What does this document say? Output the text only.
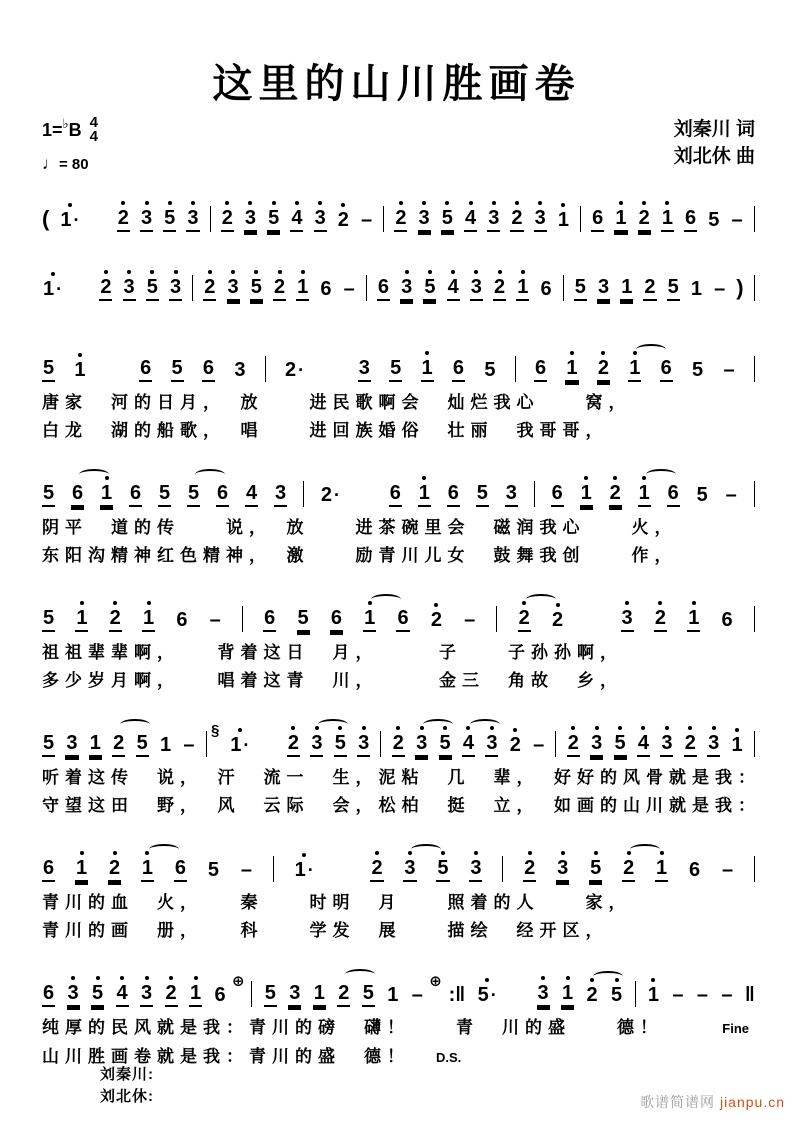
这里的山川胜画卷
1= ♭ B 4
4
♩= 80
刘秦川 词
刘北休 曲
( 1 · 2 3 5 3 2 3 5 4 3 2 – 2 3 5 4 3 2 3 1 6 1 2 1 6 5 –
1 · 2 3 5 3 2 3 5 2 1 6 – 6 3 5 4 3 2 1 6 5 3 1 2 5 1 – )
5 1	6 5 6 3 2 ·	3 5 1 6 5 6 1 2 1 6 5 –
唐家　河的日月，　放　　进民歌啊会　灿烂我心　　窝，
白龙　湖的船歌，　唱　　进回族婚俗　壮丽　我哥哥，
5 6 1 6 5 5 6 4 3 2 · 6 1 6 5 3 6 1 2 1 6 5 –
阴平　道的传　　说，　放　　进茶碗里会　磁润我心　　火，
东阳沟精神红色精神，　激　　励青川儿女　鼓舞我创　　作，
5 1 2 1 6 – 6 5 6 1 6 2 – 2 2	3 2 1 6
祖祖辈辈啊，　　背着这日　月，　　　子　　子孙孙啊，
多少岁月啊，　　唱着这青　川，　　　金三　角故　乡，
5 3 1 2 5 1 –
§
1 · 2 3 5 3 2 3 5 4 3 2 – 2 3 5 4 3 2 3 1
听着这传　说，　汗　流一　生，泥粘　几　辈，　好好的风骨就是我：
守望这田　野，　风　云际　会，松柏　挺　立，　如画的山川就是我：
6 1 2 1 6 5 – 1 ·	2 3 5 3 2 3 5 2 1 6 –
青川的血　火，　　秦　　时明　月　　照着的人　　家，
青川的画　册，　　科　　学发　展　　描绘　经开区，
6 3 5 4 3 2 1 6
⊕
5 3 1 2 5 1 –
⊕
:‖ 5 · 3 1 2 5 1 – – – ‖
纯厚的民风就是我：青川的磅　礴！　　青　川的盛　　德！	Fine
山川胜画卷就是我：青川的盛　德！ D.S.
刘秦川:
刘北休:	歌谱简谱网 jianpu.cn
